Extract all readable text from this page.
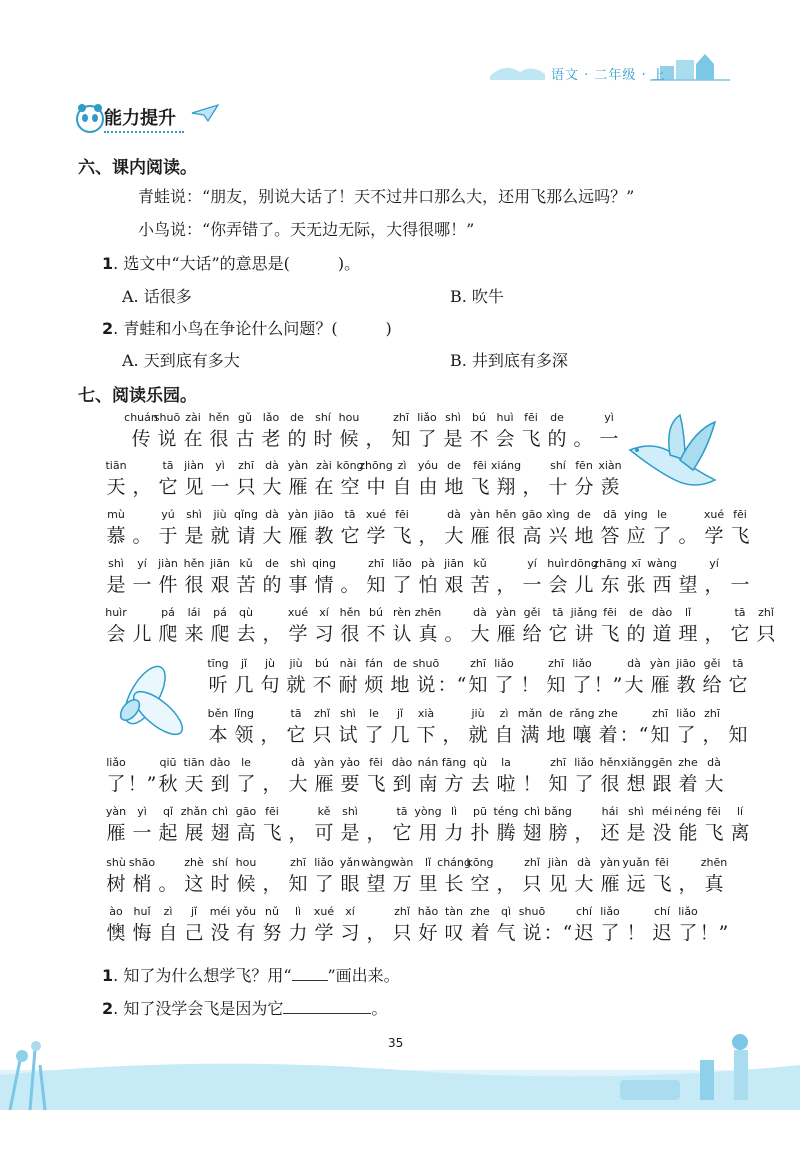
语文 · 二年级 · 上
能力提升
六、课内阅读。
青蛙说：“朋友，别说大话了！天不过井口那么大，还用飞那么远吗？”
小鸟说：“你弄错了。天无边无际，大得很哪！”
1. 选文中“大话”的意思是(　　　)。
A. 话很多	B. 吹牛
2. 青蛙和小鸟在争论什么问题？(　　　)
A. 天到底有多大	B. 井到底有多深
七、阅读乐园。
chuán
传
shuō
说
zài
在
hěn
很
gǔ
古
lǎo
老
de
的
shí
时
hou
候 ，
zhī
知
liǎo
了
shì
是
bú
不
huì
会
fēi
飞
de
的 。
yì
一
tiān
天 ，
tā
它
jiàn
见
yì
一
zhī
只
dà
大
yàn
雁
zài
在
kōng
空
zhōng
中
zì
自
yóu
由
de
地
fēi
飞
xiáng
翔 ，
shí
十
fēn
分
xiàn
羡
mù
慕 。
yú
于
shì
是
jiù
就
qǐng
请
dà
大
yàn
雁
jiāo
教
tā
它
xué
学
fēi
飞 ，
dà
大
yàn
雁
hěn
很
gāo
高
xìng
兴
de
地
dā
答
ying
应
le
了 。
xué
学
fēi
飞
shì
是
yí
一
jiàn
件
hěn
很
jiān
艰
kǔ
苦
de
的
shì
事
qing
情 。
zhī
知
liǎo
了
pà
怕
jiān
艰
kǔ
苦 ，
yí
一
huìr
会
dōng
儿
zhāng
东
xī
张
wàng
西 望
yí
， 一
huìr
会 儿
pá
爬
lái
来
pá
爬
qù
去 ，
xué
学
xí
习
hěn
很
bú
不
rèn
认
zhēn
真 。
dà
大
yàn
雁
gěi
给
tā
它
jiǎng
讲
fēi
飞
de
的
dào
道
lǐ
理 ，
tā
它
zhǐ
只
tīng
听
jǐ
几
jù
句
jiù
就
bú
不
nài
耐
fán
烦
de
地
shuō
说 ：“
zhī
知
liǎo
了 ！
zhī
知
liǎo
了 ！”
dà
大
yàn
雁
jiāo
教
gěi
给
tā
它
běn
本
lǐng
领 ，
tā
它
zhǐ
只
shì
试
le
了
jǐ
几
xià
下 ，
jiù
就
zì
自
mǎn
满
de
地
rǎng
嚷
zhe
着 ：“
zhī
知
liǎo
了
zhī
， 知
liǎo
了 ！”
qiū
秋
tiān
天
dào
到
le
了 ，
dà
大
yàn
雁
yào
要
fēi
飞
dào
到
nán
南
fāng
方
qù
去
la
啦 ！
zhī
知
liǎo
了
hěn
很
xiǎng
想
gēn
跟
zhe
着
dà
大
yàn
雁
yì
一
qǐ
起
zhǎn
展
chì
翅
gāo
高
fēi
飞 ，
kě
可
shì
是 ，
tā
它
yòng
用
lì
力
pū
扑
téng
腾
chì
翅
bǎng
膀 ，
hái
还
shì
是
méi
没
néng
能
fēi
飞
lí
离
shù
树
shāo
梢 。
zhè
这
shí
时
hou
候 ，
zhī
知
liǎo
了
yǎn
眼
wàng
望
wàn
万
lǐ
里
cháng
长
kōng
空 ，
zhǐ
只
jiàn
见
dà
大
yàn
雁
yuǎn
远
fēi
飞 ，
zhēn
真
ào
懊
huǐ
悔
zì
自
jǐ
己
méi
没
yǒu
有
nǔ
努
lì
力
xué
学
xí
习 ，
zhǐ
只
hǎo
好
tàn
叹
zhe
着
qì
气
shuō
说 ：“
chí
迟
liǎo
了 ！
chí
迟
liǎo
了 ！”
1. 知了为什么想学飞？用“ ”画出来。
2. 知了没学会飞是因为它	。
35
